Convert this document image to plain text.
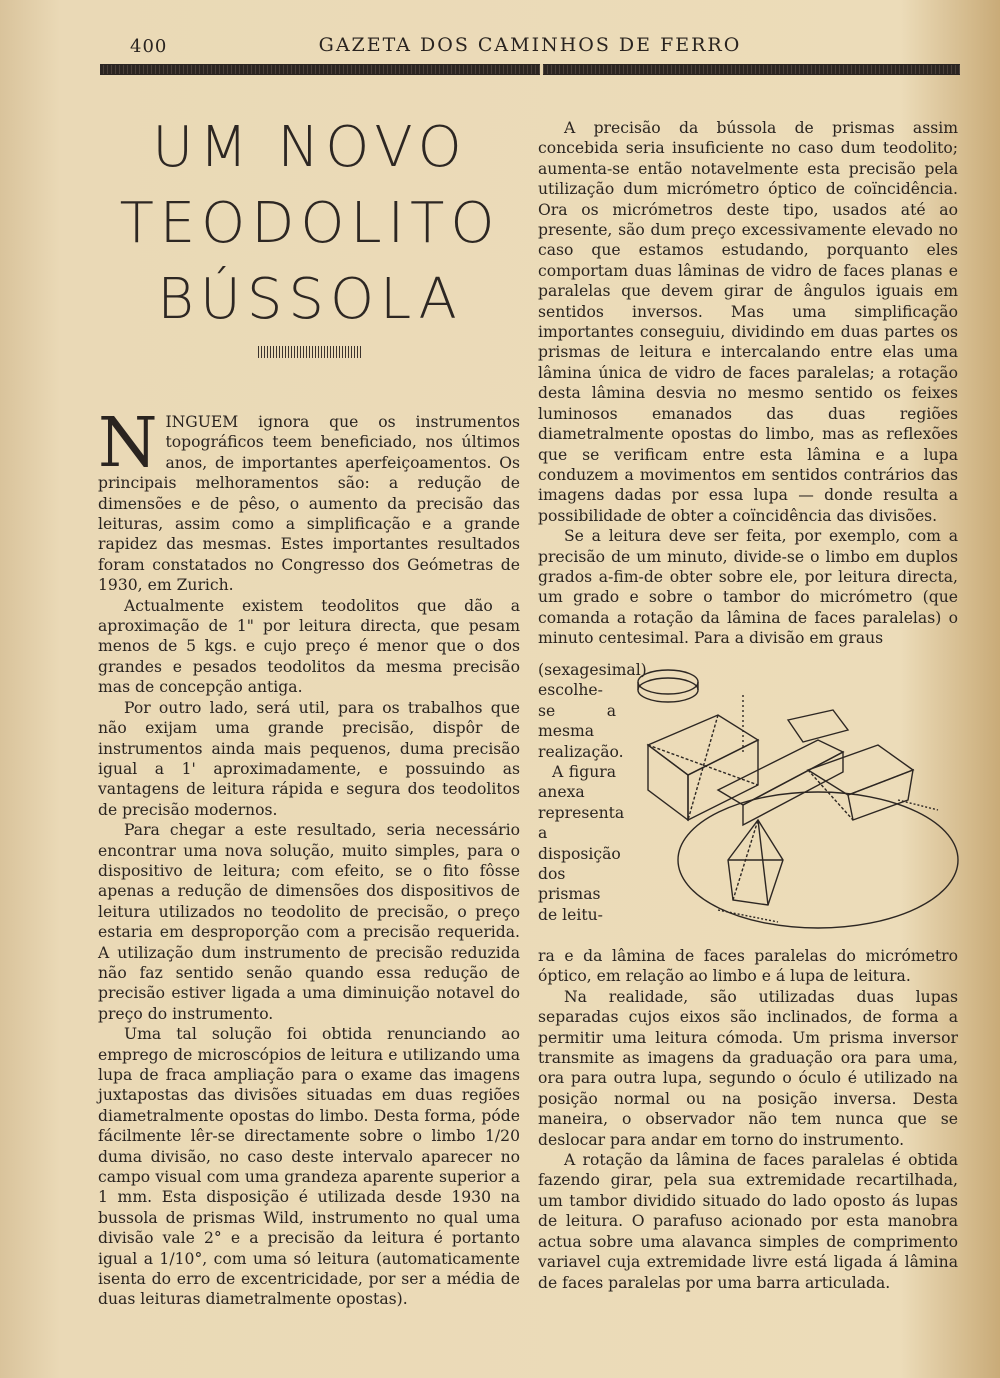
400	GAZETA DOS CAMINHOS DE FERRO
UM NOVO
TEODOLITO
BÚSSOLA

NINGUEM ignora que os instrumentos topográficos teem beneficiado, nos últimos anos, de importantes aperfeiçoamentos. Os principais melhoramentos são: a redução de dimensões e de pêso, o aumento da precisão das leituras, assim como a simplificação e a grande rapidez das mesmas. Estes importantes resultados foram constatados no Congresso dos Geómetras de 1930, em Zurich.

Actualmente existem teodolitos que dão a aproximação de 1" por leitura directa, que pesam menos de 5 kgs. e cujo preço é menor que o dos grandes e pesados teodolitos da mesma precisão mas de concepção antiga.

Por outro lado, será util, para os trabalhos que não exijam uma grande precisão, dispôr de instrumentos ainda mais pequenos, duma precisão igual a 1' aproximadamente, e possuindo as vantagens de leitura rápida e segura dos teodolitos de precisão modernos.

Para chegar a este resultado, seria necessário encontrar uma nova solução, muito simples, para o dispositivo de leitura; com efeito, se o fito fôsse apenas a redução de dimensões dos dispositivos de leitura utilizados no teodolito de precisão, o preço estaria em desproporção com a precisão requerida. A utilização dum instrumento de precisão reduzida não faz sentido senão quando essa redução de precisão estiver ligada a uma diminuição notavel do preço do instrumento.

Uma tal solução foi obtida renunciando ao emprego de microscópios de leitura e utilizando uma lupa de fraca ampliação para o exame das imagens juxtapostas das divisões situadas em duas regiões diametralmente opostas do limbo. Desta forma, póde fácilmente lêr-se directamente sobre o limbo 1/20 duma divisão, no caso deste intervalo aparecer no campo visual com uma grandeza aparente superior a 1 mm. Esta disposição é utilizada desde 1930 na bussola de prismas Wild, instrumento no qual uma divisão vale 2° e a precisão da leitura é portanto igual a 1/10°, com uma só leitura (automaticamente isenta do erro de excentricidade, por ser a média de duas leituras diametralmente opostas).

A precisão da bússola de prismas assim concebida seria insuficiente no caso dum teodolito; aumenta-se então notavelmente esta precisão pela utilização dum micrómetro óptico de coïncidência. Ora os micrómetros deste tipo, usados até ao presente, são dum preço excessivamente elevado no caso que estamos estudando, porquanto eles comportam duas lâminas de vidro de faces planas e paralelas que devem girar de ângulos iguais em sentidos inversos. Mas uma simplificação importantes conseguiu, dividindo em duas partes os prismas de leitura e intercalando entre elas uma lâmina única de vidro de faces paralelas; a rotação desta lâmina desvia no mesmo sentido os feixes luminosos emanados das duas regiões diametralmente opostas do limbo, mas as reflexões que se verificam entre esta lâmina e a lupa conduzem a movimentos em sentidos contrários das imagens dadas por essa lupa — donde resulta a possibilidade de obter a coïncidência das divisões.

Se a leitura deve ser feita, por exemplo, com a precisão de um minuto, divide-se o limbo em duplos grados a-fim-de obter sobre ele, por leitura directa, um grado e sobre o tambor do micrómetro (que comanda a rotação da lâmina de faces paralelas) o minuto centesimal. Para a divisão em graus

(sexagesimal) escolhe-se a mesma realização.

A figura anexa representa a disposição dos prismas de leitu-

ra e da lâmina de faces paralelas do micrómetro óptico, em relação ao limbo e á lupa de leitura.

Na realidade, são utilizadas duas lupas separadas cujos eixos são inclinados, de forma a permitir uma leitura cómoda. Um prisma inversor transmite as imagens da graduação ora para uma, ora para outra lupa, segundo o óculo é utilizado na posição normal ou na posição inversa. Desta maneira, o observador não tem nunca que se deslocar para andar em torno do instrumento.

A rotação da lâmina de faces paralelas é obtida fazendo girar, pela sua extremidade recartilhada, um tambor dividido situado do lado oposto ás lupas de leitura. O parafuso acionado por esta manobra actua sobre uma alavanca simples de comprimento variavel cuja extremidade livre está ligada á lâmina de faces paralelas por uma barra articulada.
